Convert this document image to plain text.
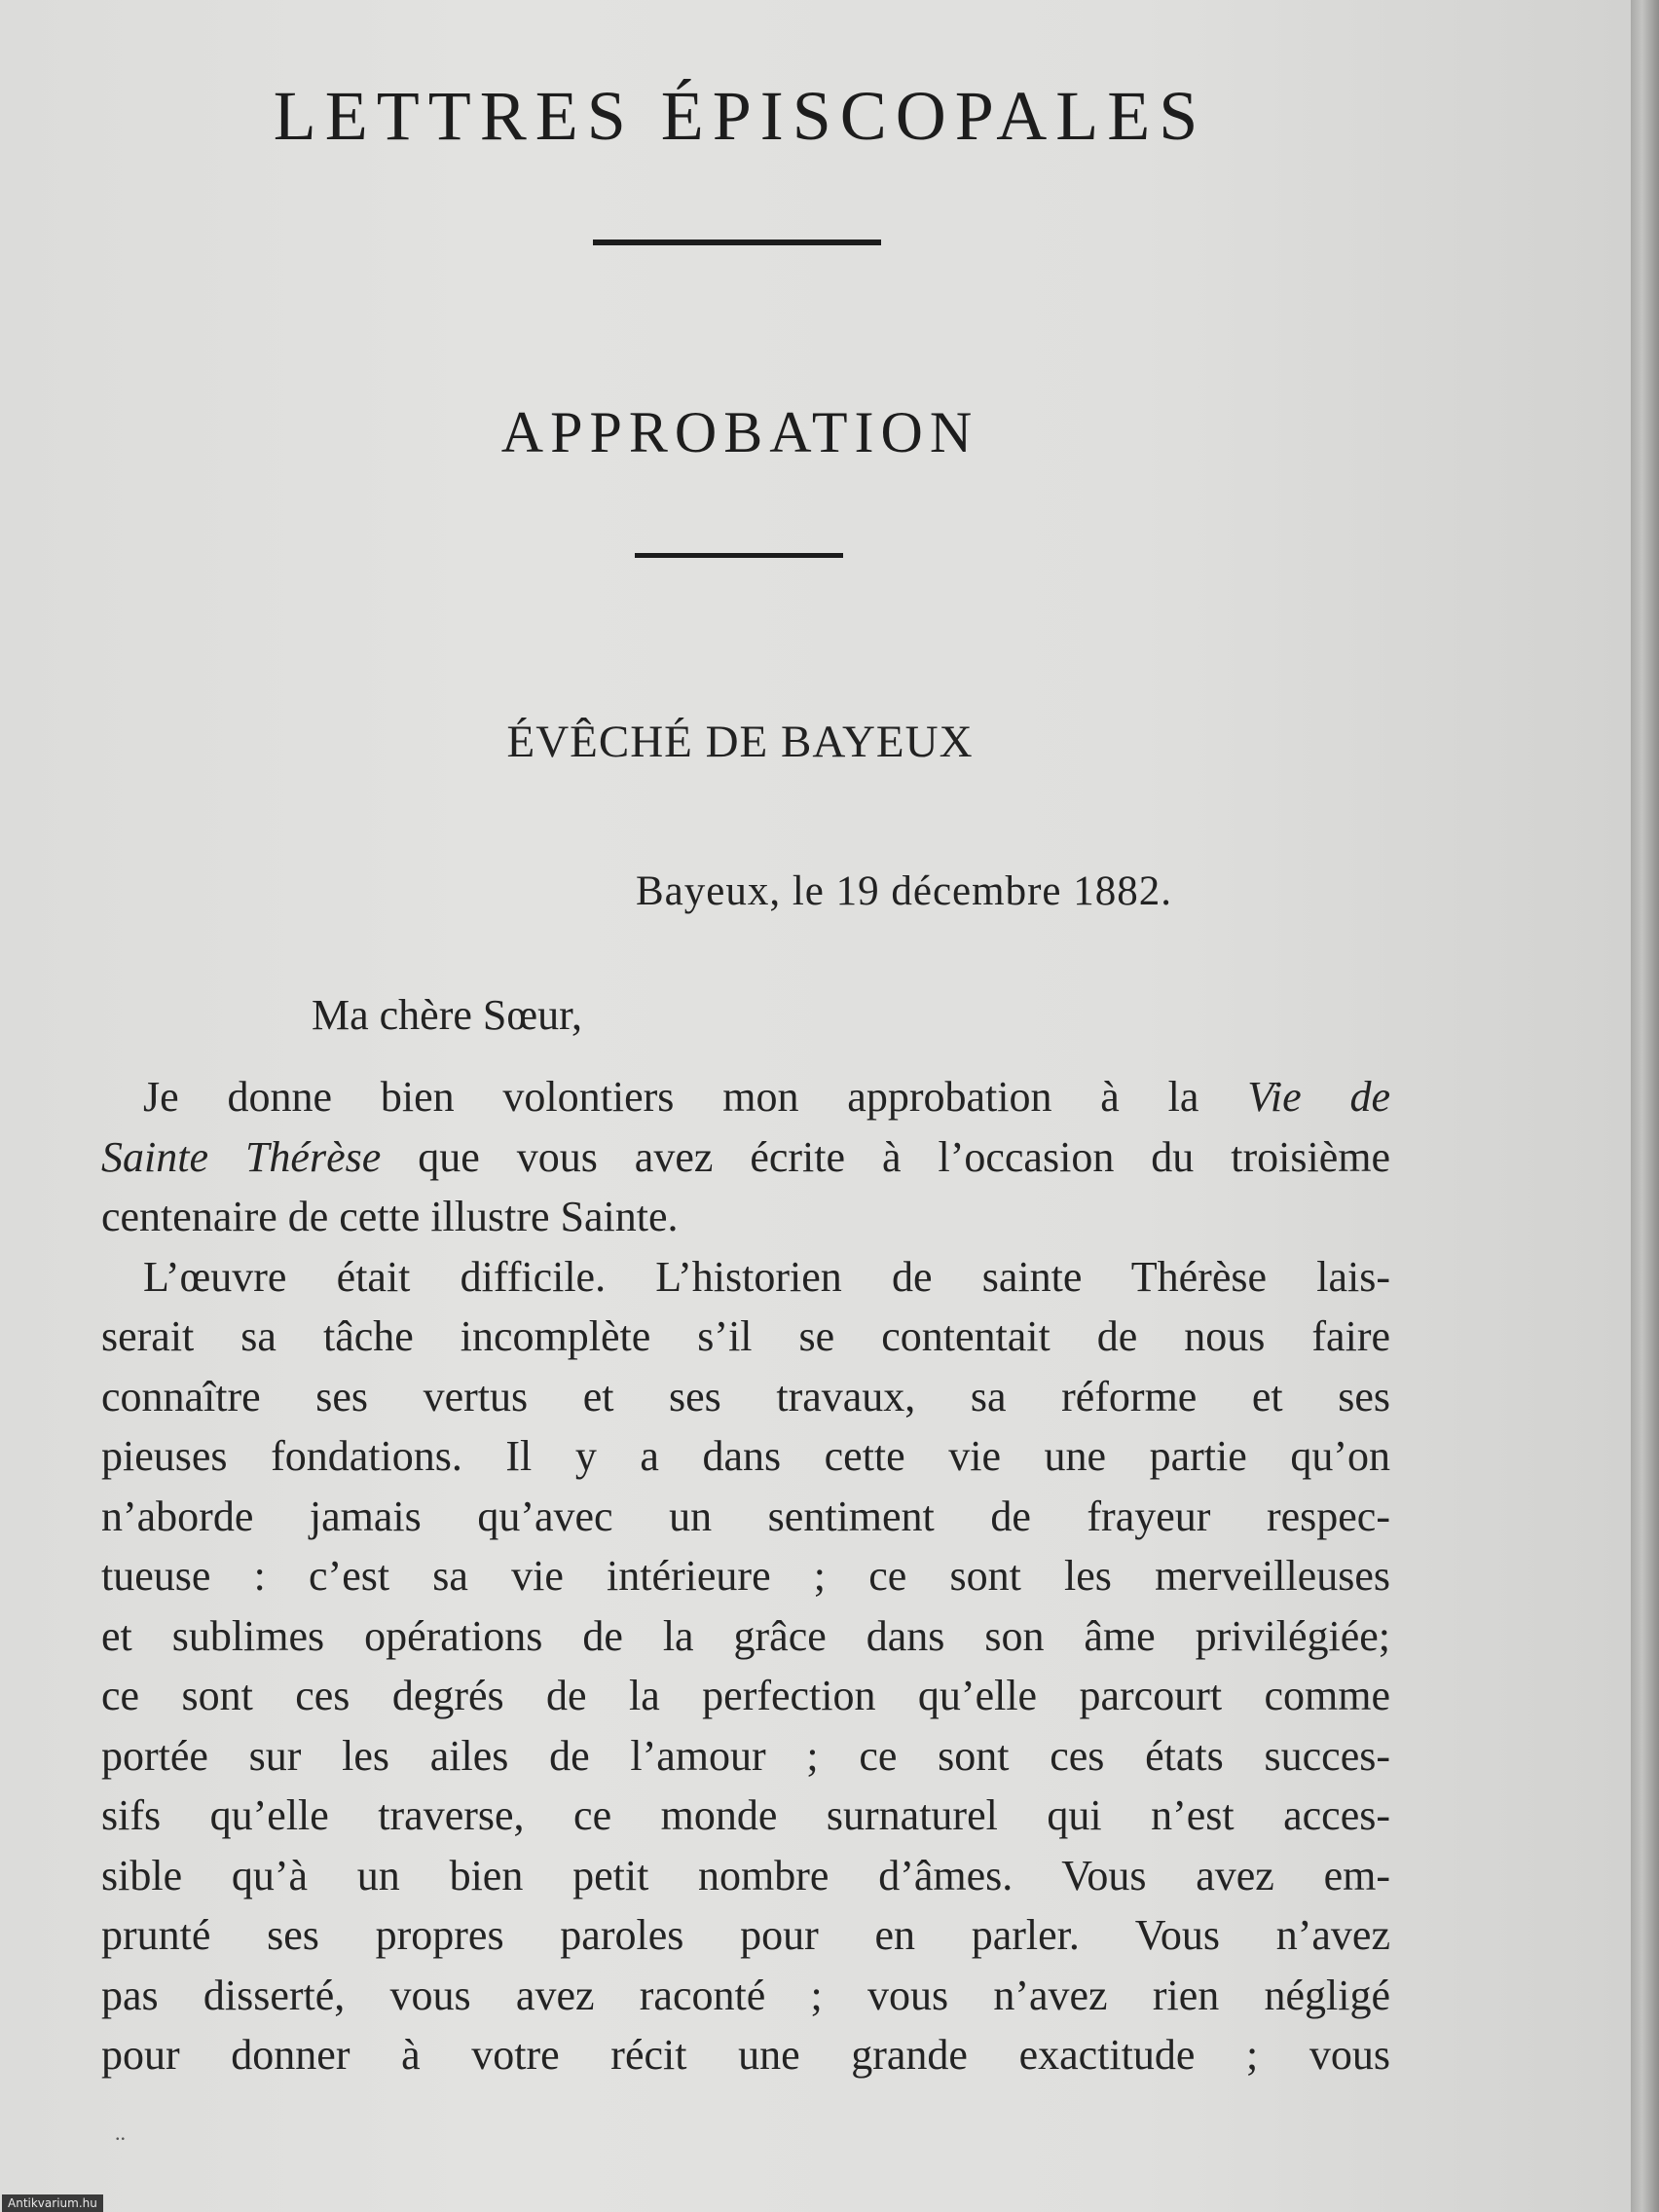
LETTRES ÉPISCOPALES
APPROBATION
ÉVÊCHÉ DE BAYEUX
Bayeux, le 19 décembre 1882.
Ma chère Sœur,
Je donne bien volontiers mon approbation à la Vie de
Sainte Thérèse que vous avez écrite à l’occasion du troisième
centenaire de cette illustre Sainte.
L’œuvre était difficile. L’historien de sainte Thérèse lais-
serait sa tâche incomplète s’il se contentait de nous faire
connaître ses vertus et ses travaux, sa réforme et ses
pieuses fondations. Il y a dans cette vie une partie qu’on
n’aborde jamais qu’avec un sentiment de frayeur respec-
tueuse : c’est sa vie intérieure ; ce sont les merveilleuses
et sublimes opérations de la grâce dans son âme privilégiée;
ce sont ces degrés de la perfection qu’elle parcourt comme
portée sur les ailes de l’amour ; ce sont ces états succes-
sifs qu’elle traverse, ce monde surnaturel qui n’est acces-
sible qu’à un bien petit nombre d’âmes. Vous avez em-
prunté ses propres paroles pour en parler. Vous n’avez
pas disserté, vous avez raconté ; vous n’avez rien négligé
pour donner à votre récit une grande exactitude ; vous
..
Antikvarium.hu
